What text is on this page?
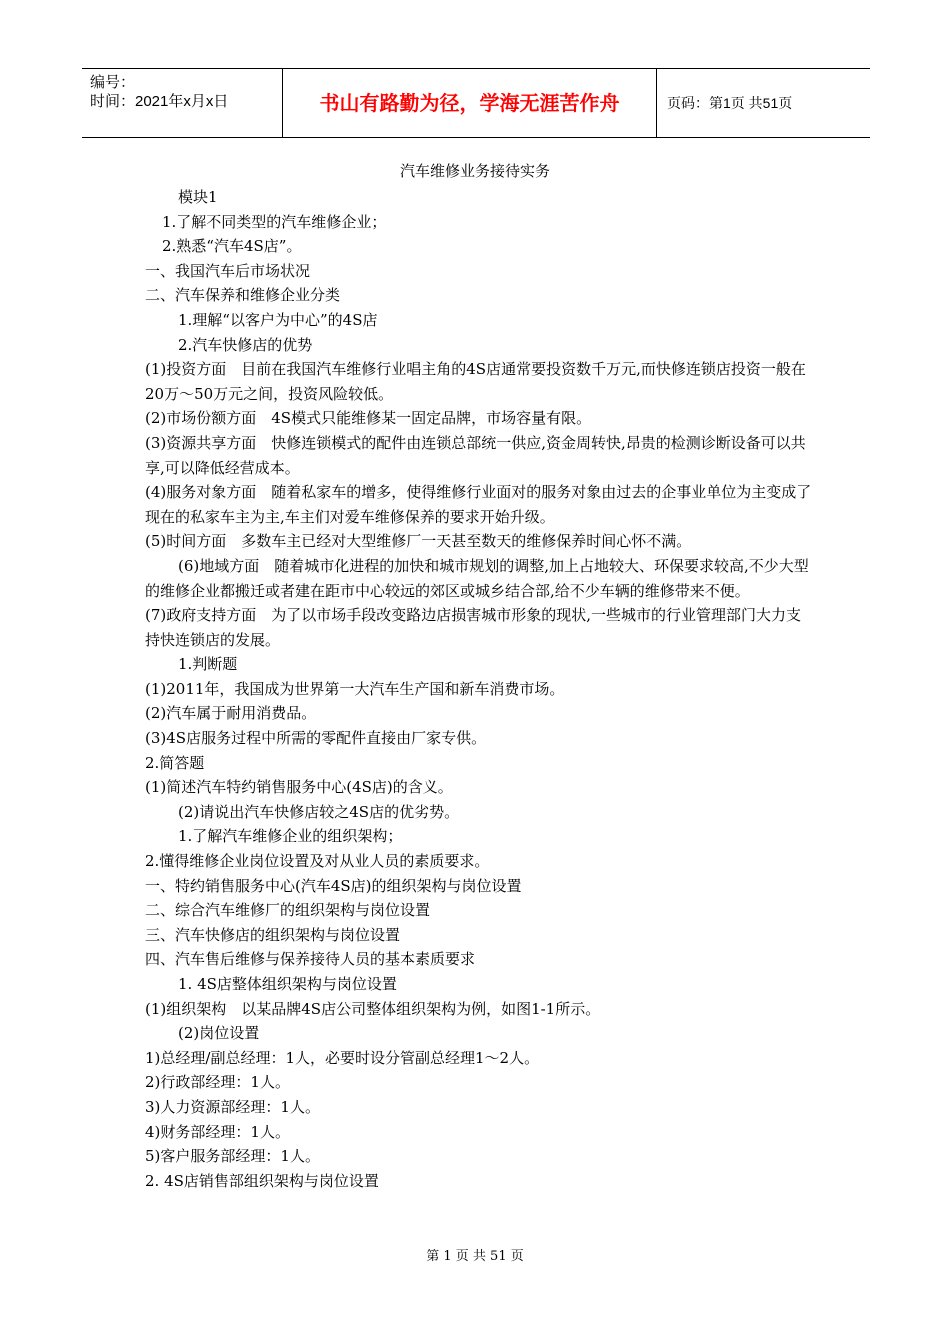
编号：
时间：2021年x月x日	书山有路勤为径，学海无涯苦作舟	页码：第1页 共51页
汽车维修业务接待实务

模块1

1.了解不同类型的汽车维修企业；

2.熟悉“汽车4S店”。

一、我国汽车后市场状况

二、汽车保养和维修企业分类

1.理解“以客户为中心”的4S店

2.汽车快修店的优势

(1)投资方面　目前在我国汽车维修行业唱主角的4S店通常要投资数千万元,而快修连锁店投资一般在20万～50万元之间，投资风险较低。

(2)市场份额方面　4S模式只能维修某一固定品牌，市场容量有限。

(3)资源共享方面　快修连锁模式的配件由连锁总部统一供应,资金周转快,昂贵的检测诊断设备可以共享,可以降低经营成本。

(4)服务对象方面　随着私家车的增多，使得维修行业面对的服务对象由过去的企事业单位为主变成了现在的私家车主为主,车主们对爱车维修保养的要求开始升级。

(5)时间方面　多数车主已经对大型维修厂一天甚至数天的维修保养时间心怀不满。

(6)地域方面　随着城市化进程的加快和城市规划的调整,加上占地较大、环保要求较高,不少大型的维修企业都搬迁或者建在距市中心较远的郊区或城乡结合部,给不少车辆的维修带来不便。

(7)政府支持方面　为了以市场手段改变路边店损害城市形象的现状,一些城市的行业管理部门大力支持快连锁店的发展。

1.判断题

(1)2011年，我国成为世界第一大汽车生产国和新车消费市场。

(2)汽车属于耐用消费品。

(3)4S店服务过程中所需的零配件直接由厂家专供。

2.简答题

(1)简述汽车特约销售服务中心(4S店)的含义。

(2)请说出汽车快修店较之4S店的优劣势。

1.了解汽车维修企业的组织架构；

2.懂得维修企业岗位设置及对从业人员的素质要求。

一、特约销售服务中心(汽车4S店)的组织架构与岗位设置

二、综合汽车维修厂的组织架构与岗位设置

三、汽车快修店的组织架构与岗位设置

四、汽车售后维修与保养接待人员的基本素质要求

1. 4S店整体组织架构与岗位设置

(1)组织架构　以某品牌4S店公司整体组织架构为例，如图1-1所示。

(2)岗位设置

1)总经理/副总经理：1人，必要时设分管副总经理1～2人。

2)行政部经理：1人。

3)人力资源部经理：1人。

4)财务部经理：1人。

5)客户服务部经理：1人。

2. 4S店销售部组织架构与岗位设置

第 1 页 共 51 页
